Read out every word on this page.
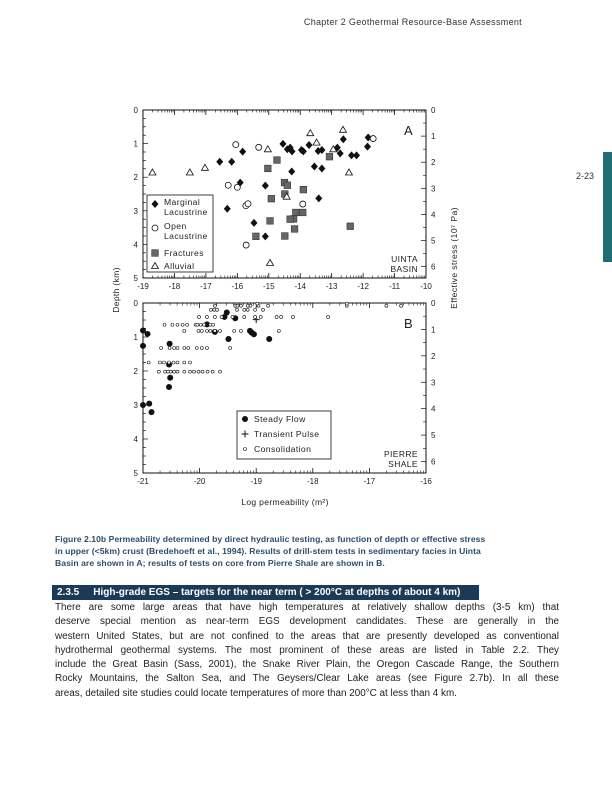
Chapter 2 Geothermal Resource-Base Assessment
2-23
-19 -18 -17 -16 -15 -14 -13 -12	-11	-10
0
1
2
3
4
5
0
1
2
3
4
5
6
A
UINTA
BASIN
-21	-20	-19	-18	-17	-16
0
1
2
3
4
5
0
1
2
3
4
5
6
B
PIERRE
SHALE
Marginal
Lacustrine
Open
Lacustrine
Fractures
Alluvial
Steady Flow
Transient Pulse
Consolidation
Depth (km)	Effective stress (10⁷ Pa)
Log permeability (m²)
Figure 2.10b Permeability determined by direct hydraulic testing, as function of depth or effective stress
in upper (<5km) crust (Bredehoeft et al., 1994). Results of drill-stem tests in sedimentary facies in Uinta
Basin are shown in A; results of tests on core from Pierre Shale are shown in B.
2.3.5 High-grade EGS – targets for the near term ( > 200°C at depths of about 4 km)
There are some large areas that have high temperatures at relatively shallow depths (3-5 km) that
deserve special mention as near-term EGS development candidates. These are generally in the
western United States, but are not confined to the areas that are presently developed as conventional
hydrothermal geothermal systems. The most prominent of these areas are listed in Table 2.2. They
include the Great Basin (Sass, 2001), the Snake River Plain, the Oregon Cascade Range, the Southern
Rocky Mountains, the Salton Sea, and The Geysers/Clear Lake areas (see Figure 2.7b). In all these
areas, detailed site studies could locate temperatures of more than 200°C at less than 4 km.
